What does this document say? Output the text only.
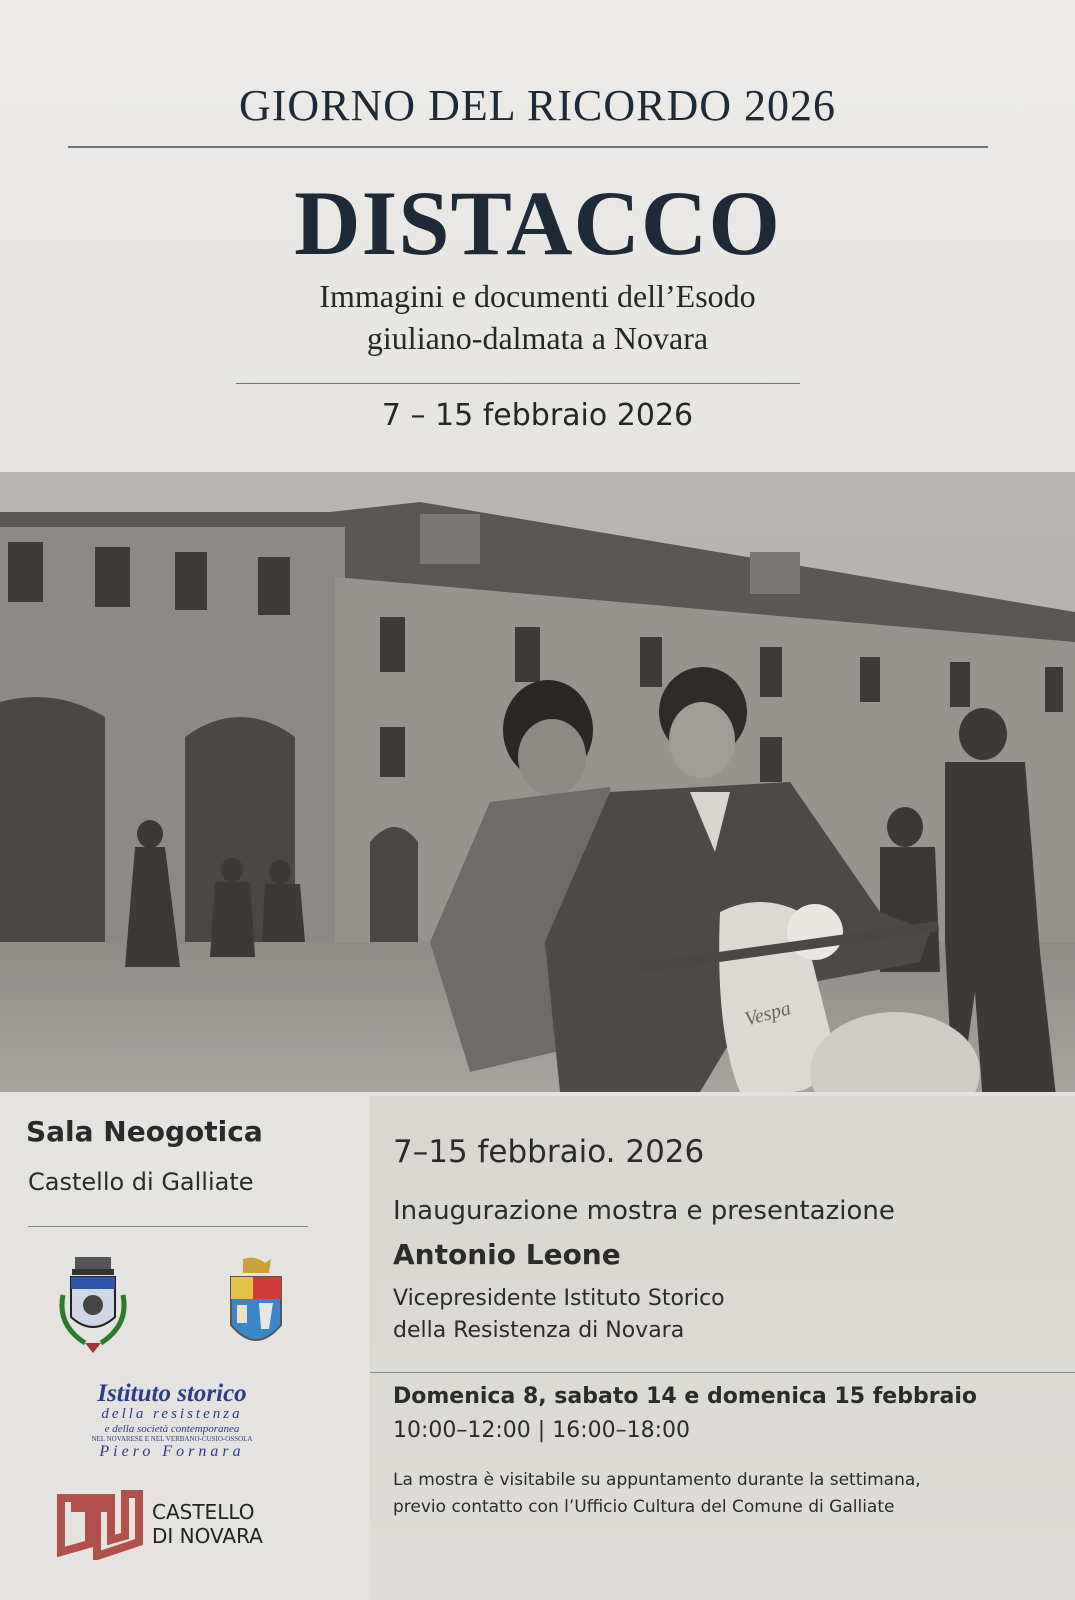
GIORNO DEL RICORDO 2026
DISTACCO
Immagini e documenti dell’Esodo
giuliano-dalmata a Novara
7 – 15 febbraio 2026
Vespa
Sala Neogotica
Castello di Galliate
Istituto storico
della resistenza
e della società contemporanea
NEL NOVARESE E NEL VERBANO-CUSIO-OSSOLA
Piero Fornara
CASTELLO
DI NOVARA
7–15 febbraio. 2026
Inaugurazione mostra e presentazione
Antonio Leone
Vicepresidente Istituto Storico
della Resistenza di Novara
Domenica 8, sabato 14 e domenica 15 febbraio
10:00–12:00 | 16:00–18:00
La mostra è visitabile su appuntamento durante la settimana,
previo contatto con l’Ufficio Cultura del Comune di Galliate
